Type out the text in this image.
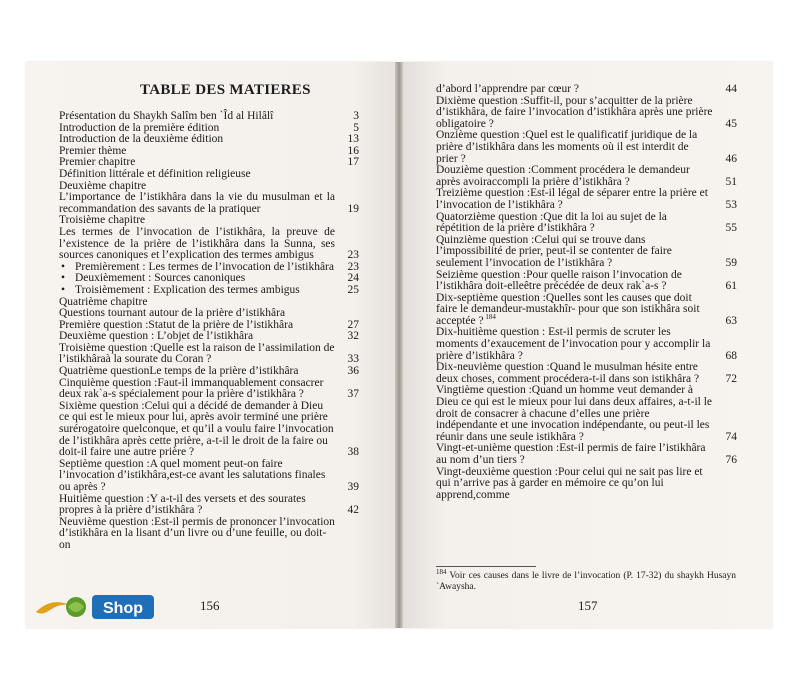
TABLE DES MATIERES
Présentation du Shaykh Salîm ben `Îd al Hilâlî	3
Introduction de la première édition	5
Introduction de la deuxième édition	13
Premier thème	16
Premier chapitre	17
Définition littérale et définition religieuse
Deuxième chapitre
L’importance de l’istikhâra dans la vie du musulman et la recommandation des savants de la pratiquer	19
Troisième chapitre
Les termes de l’invocation de l’istikhâra, la preuve de l’existence de la prière de l’istikhâra dans la Sunna, ses sources canoniques et l’explication des termes ambigus	23
• Premièrement : Les termes de l’invocation de l’istikhâra 23
• Deuxièmement : Sources canoniques	24
• Troisièmement : Explication des termes ambigus	25
Quatrième chapitre
Questions tournant autour de la prière d’istikhâra
Première question :Statut de la prière de l’istikhâra	27
Deuxième question : L’objet de l’istikhâra	32
Troisième question :Quelle est la raison de l’assimilation de l’istikhâraà la sourate du Coran ?	33
Quatrième questionLe temps de la prière d’istikhâra	36
Cinquième question :Faut-il immanquablement consacrer deux rak`a-s spécialement pour la prière d’istikhâra ?	37
Sixième question :Celui qui a décidé de demander à Dieu ce qui est le mieux pour lui, après avoir terminé une prière surérogatoire quelconque, et qu’il a voulu faire l’invocation de l’istikhâra après cette prière, a-t-il le droit de la faire ou doit-il faire une autre prière ?	38
Septième question :A quel moment peut-on faire l’invocation d’istikhâra,est-ce avant les salutations finales ou après ?	39
Huitième question :Y a-t-il des versets et des sourates propres à la prière d’istikhâra ?	42
Neuvième question :Est-il permis de prononcer l’invocation d’istikhâra en la lisant d’un livre ou d’une feuille, ou doit-on
d’abord l’apprendre par cœur ?	44
Dixième question :Suffit-il, pour s’acquitter de la prière d’istikhâra, de faire l’invocation d’istikhâra après une prière obligatoire ?	45
Onzième question :Quel est le qualificatif juridique de la prière d’istikhâra dans les moments où il est interdit de prier ?	46
Douzième question :Comment procédera le demandeur après avoiraccompli la prière d’istikhâra ?	51
Treizième question :Est-il légal de séparer entre la prière et l’invocation de l’istikhâra ?	53
Quatorzième question :Que dit la loi au sujet de la répétition de la prière d’istikhâra ?	55
Quinzième question :Celui qui se trouve dans l’impossibilité de prier, peut-il se contenter de faire seulement l’invocation de l’istikhâra ?	59
Seizième question :Pour quelle raison l’invocation de l’istikhâra doit-elleêtre précédée de deux rak`a-s ?	61
Dix-septième question :Quelles sont les causes que doit faire le demandeur-mustakhîr- pour que son istikhâra soit acceptée ? $^{184}$	63
Dix-huitième question : Est-il permis de scruter les moments d’exaucement de l’invocation pour y accomplir la prière d’istikhâra ?	68
Dix-neuvième question :Quand le musulman hésite entre deux choses, comment procédera-t-il dans son istikhâra ?	72
Vingtième question :Quand un homme veut demander à Dieu ce qui est le mieux pour lui dans deux affaires, a-t-il le droit de consacrer à chacune d’elles une prière indépendante et une invocation indépendante, ou peut-il les réunir dans une seule istikhâra ?	74
Vingt-et-unième question :Est-il permis de faire l’istikhâra au nom d’un tiers ?	76
Vingt-deuxième question :Pour celui qui ne sait pas lire et qui n’arrive pas à garder en mémoire ce qu’on lui apprend,comme
156	157
$^{184}$ Voir ces causes dans le livre de l’invocation (P. 17-32) du shaykh Husayn `Awaysha.
Shop
